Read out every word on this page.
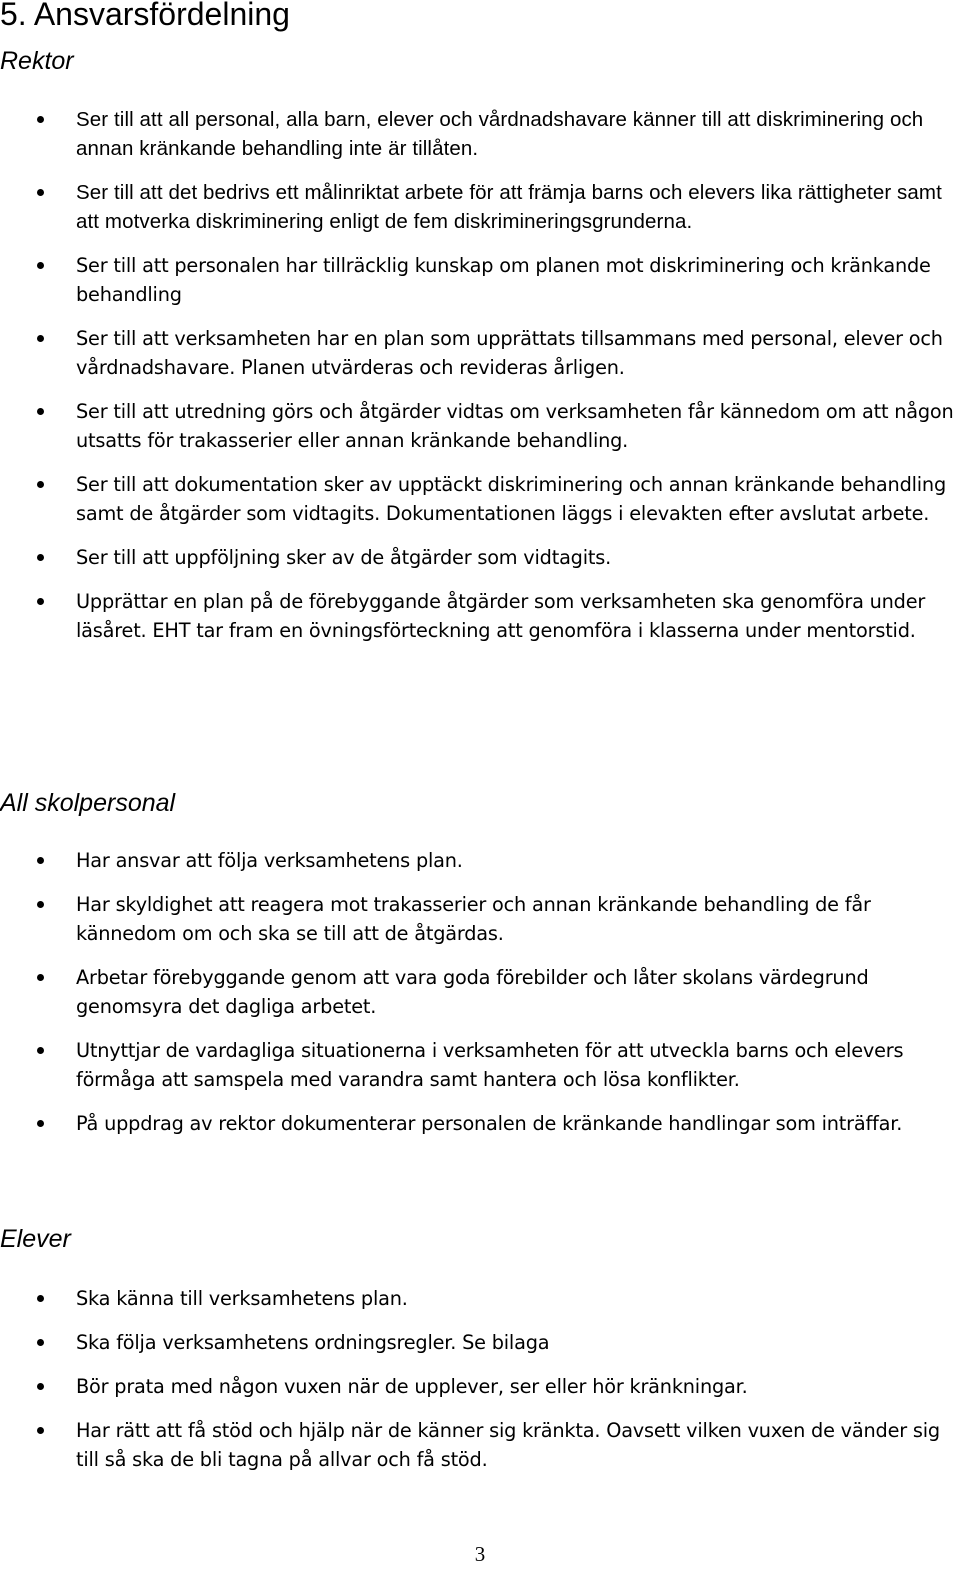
5. Ansvarsfördelning
Rektor
Ser till att all personal, alla barn, elever och vårdnadshavare känner till att diskriminering och annan kränkande behandling inte är tillåten.
Ser till att det bedrivs ett målinriktat arbete för att främja barns och elevers lika rättigheter samt att motverka diskriminering enligt de fem diskrimineringsgrunderna.
Ser till att personalen har tillräcklig kunskap om planen mot diskriminering och kränkande behandling
Ser till att verksamheten har en plan som upprättats tillsammans med personal, elever och vårdnadshavare. Planen utvärderas och revideras årligen.
Ser till att utredning görs och åtgärder vidtas om verksamheten får kännedom om att någon utsatts för trakasserier eller annan kränkande behandling.
Ser till att dokumentation sker av upptäckt diskriminering och annan kränkande behandling samt de åtgärder som vidtagits. Dokumentationen läggs i elevakten efter avslutat arbete.
Ser till att uppföljning sker av de åtgärder som vidtagits.
Upprättar en plan på de förebyggande åtgärder som verksamheten ska genomföra under läsåret. EHT tar fram en övningsförteckning att genomföra i klasserna under mentorstid.
All skolpersonal
Har ansvar att följa verksamhetens plan.
Har skyldighet att reagera mot trakasserier och annan kränkande behandling de får kännedom om och ska se till att de åtgärdas.
Arbetar förebyggande genom att vara goda förebilder och låter skolans värdegrund genomsyra det dagliga arbetet.
Utnyttjar de vardagliga situationerna i verksamheten för att utveckla barns och elevers förmåga att samspela med varandra samt hantera och lösa konflikter.
På uppdrag av rektor dokumenterar personalen de kränkande handlingar som inträffar.
Elever
Ska känna till verksamhetens plan.
Ska följa verksamhetens ordningsregler. Se bilaga
Bör prata med någon vuxen när de upplever, ser eller hör kränkningar.
Har rätt att få stöd och hjälp när de känner sig kränkta. Oavsett vilken vuxen de vänder sig till så ska de bli tagna på allvar och få stöd.
3
